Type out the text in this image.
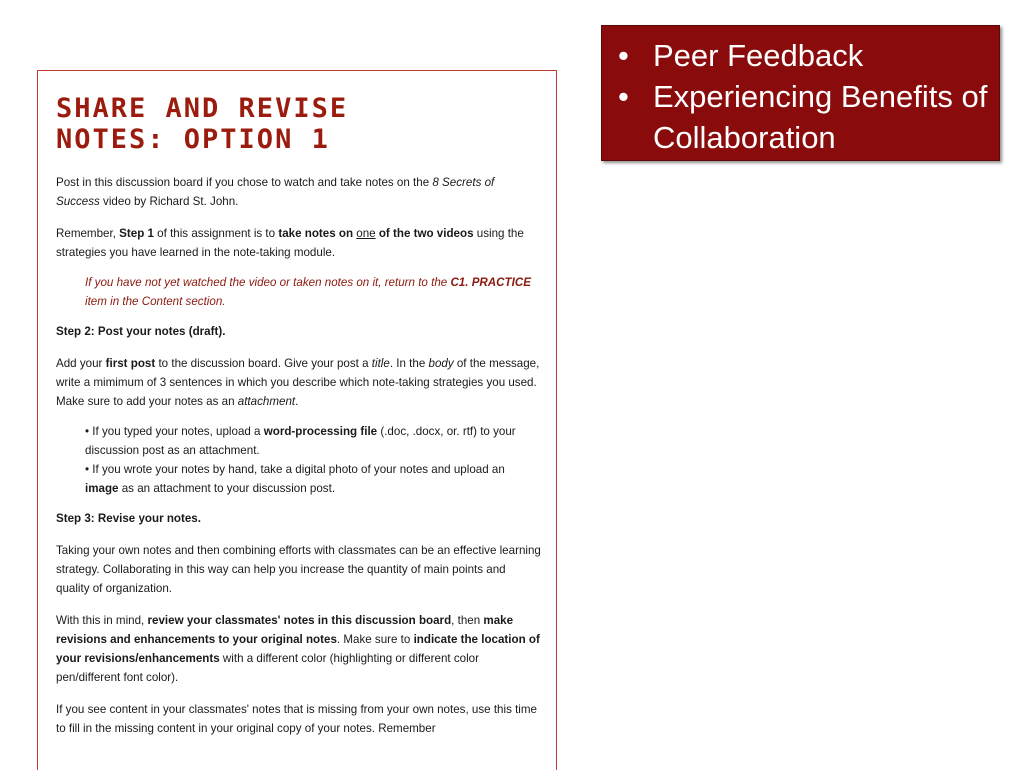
SHARE AND REVISE
NOTES: OPTION 1

Post in this discussion board if you chose to watch and take notes on the 8 Secrets of Success video by Richard St. John.

Remember, Step 1 of this assignment is to take notes on one of the two videos using the strategies you have learned in the note-taking module.

If you have not yet watched the video or taken notes on it, return to the C1. PRACTICE item in the Content section.

Step 2: Post your notes (draft).

Add your first post to the discussion board. Give your post a title. In the body of the message, write a mimimum of 3 sentences in which you describe which note-taking strategies you used. Make sure to add your notes as an attachment.

• If you typed your notes, upload a word-processing file (.doc, .docx, or. rtf) to your discussion post as an attachment.

• If you wrote your notes by hand, take a digital photo of your notes and upload an image as an attachment to your discussion post.

Step 3: Revise your notes.

Taking your own notes and then combining efforts with classmates can be an effective learning strategy. Collaborating in this way can help you increase the quantity of main points and quality of organization.

With this in mind, review your classmates' notes in this discussion board, then make revisions and enhancements to your original notes. Make sure to indicate the location of your revisions/enhancements with a different color (highlighting or different color pen/different font color).

If you see content in your classmates' notes that is missing from your own notes, use this time to fill in the missing content in your original copy of your notes. Remember

• Peer Feedback
• Experiencing Benefits of Collaboration
